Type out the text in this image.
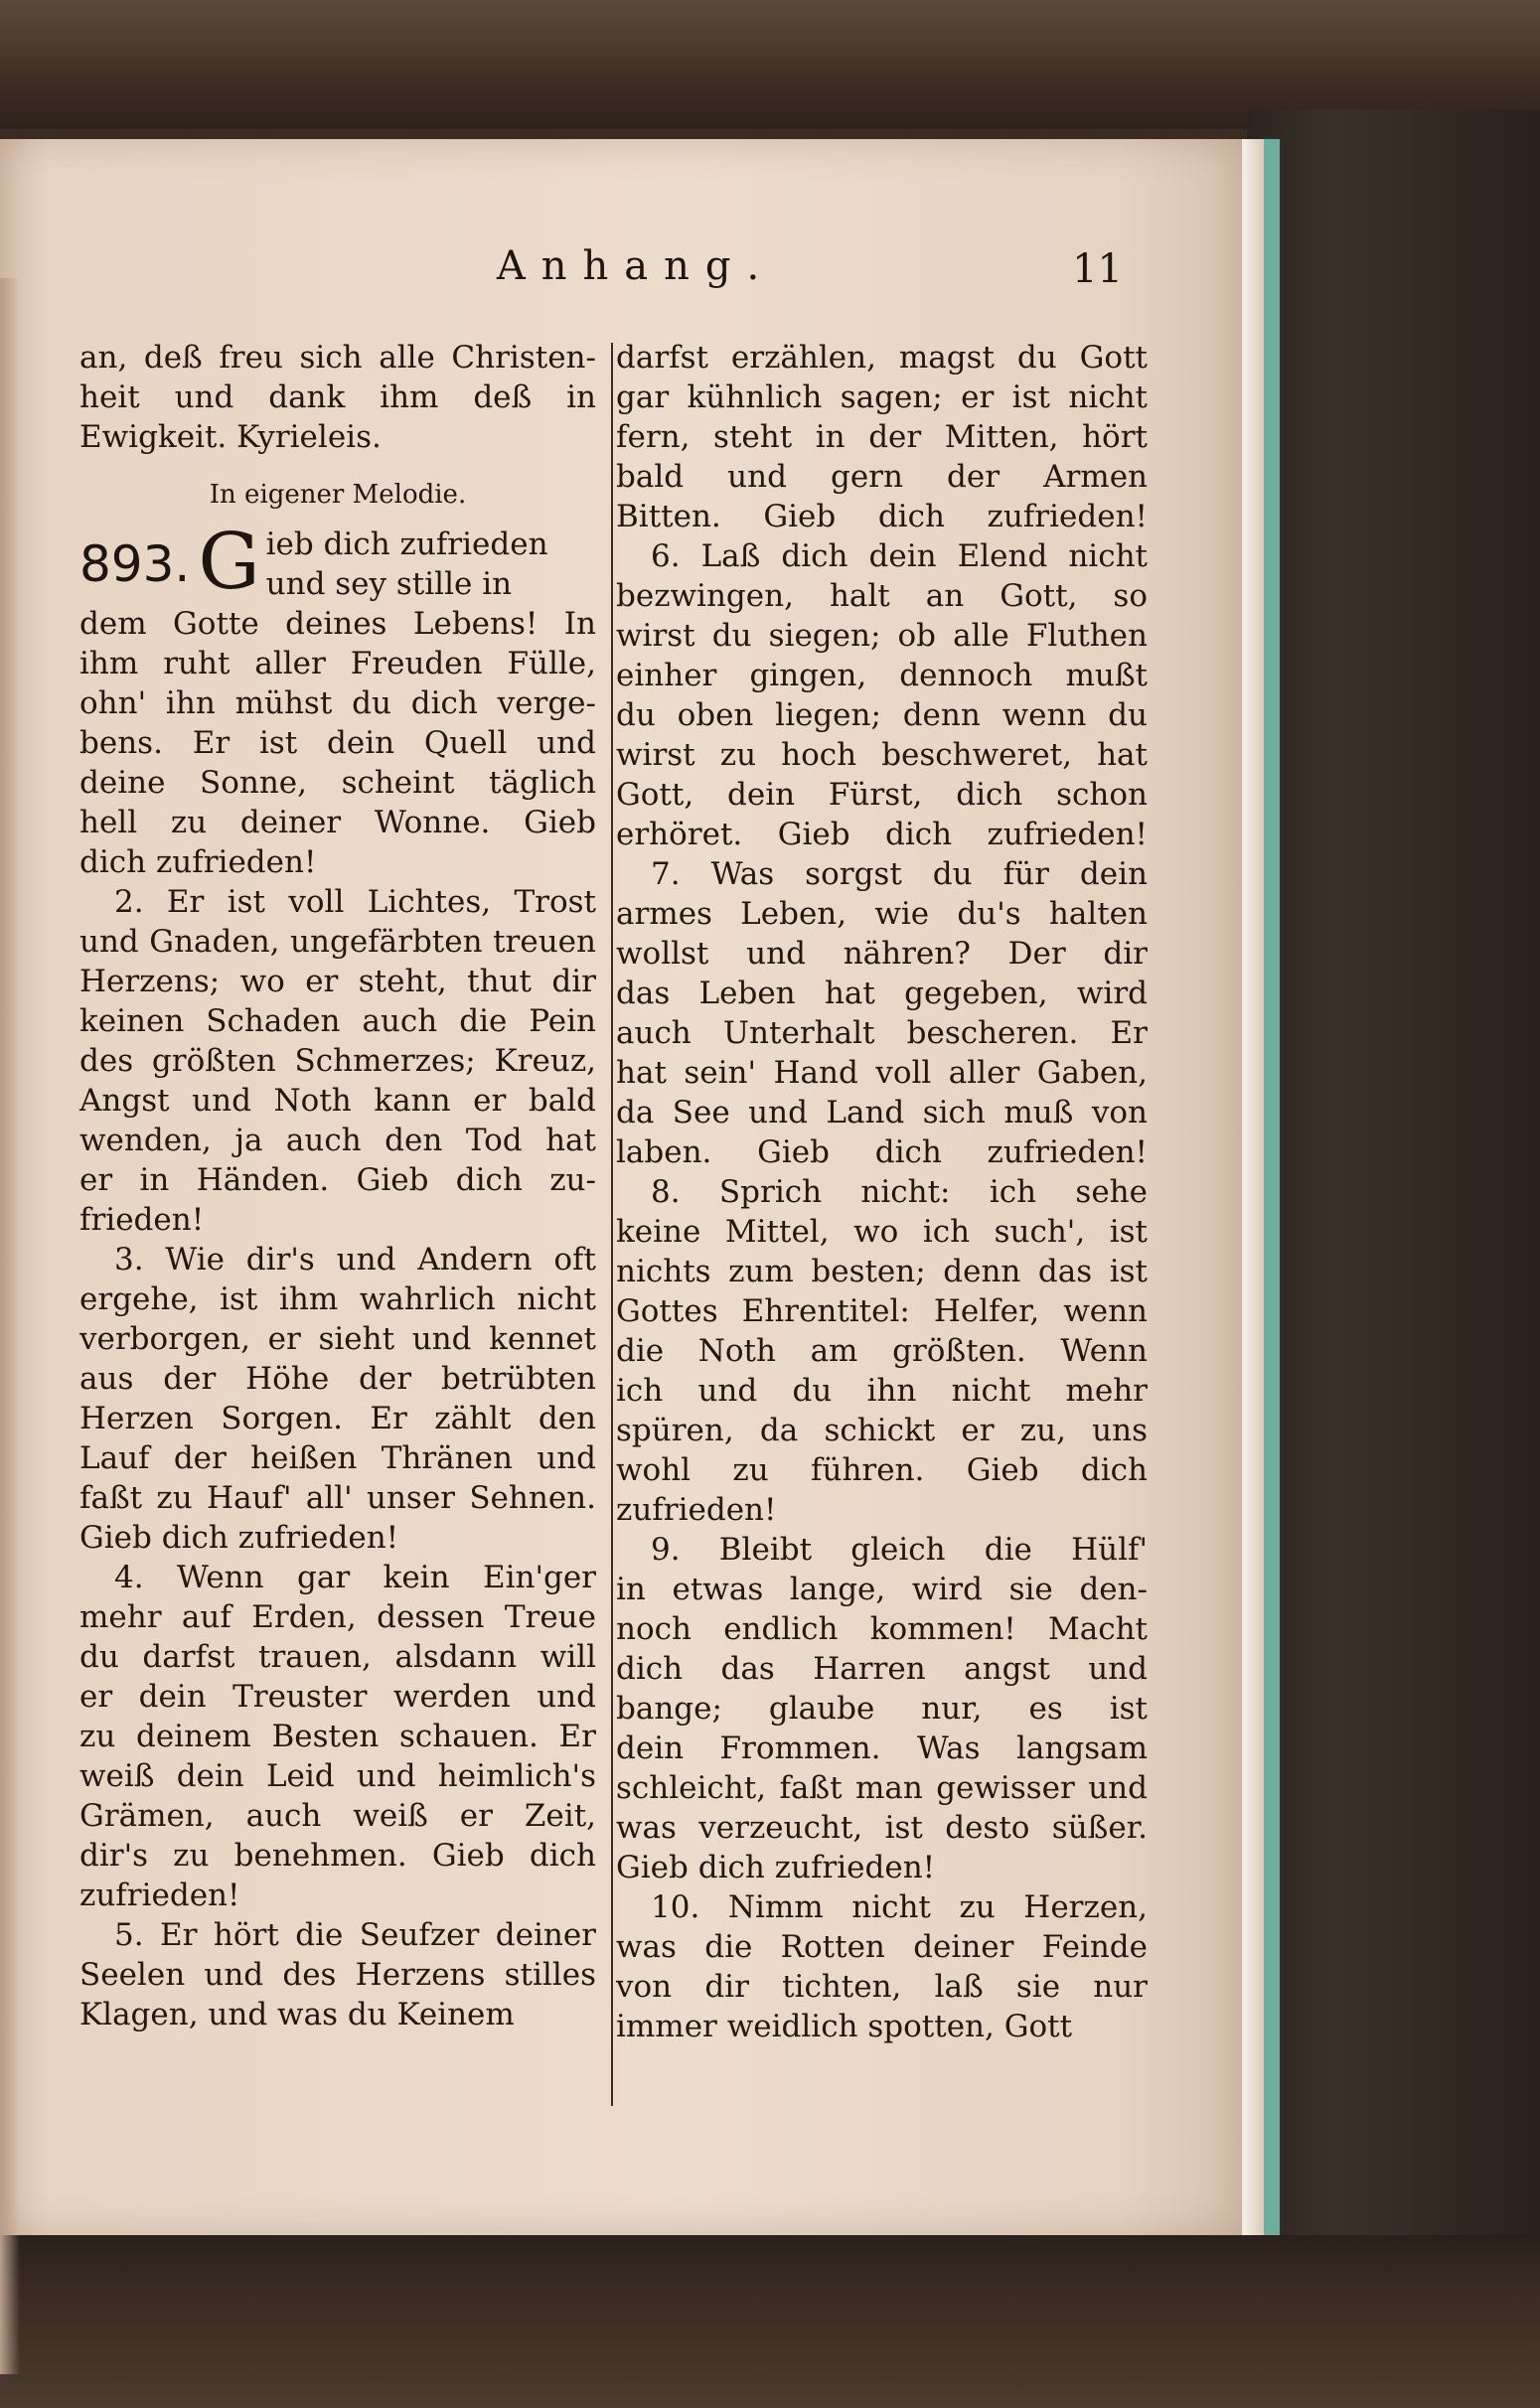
Anhang.	11
an, deß freu sich alle Christen-
heit und dank ihm deß in
Ewigkeit. Kyrieleis.
In eigener Melodie.
893. G ieb dich zufrieden
und sey stille in
dem Gotte deines Lebens! In
ihm ruht aller Freuden Fülle,
ohn' ihn mühst du dich verge-
bens. Er ist dein Quell und
deine Sonne, scheint täglich
hell zu deiner Wonne. Gieb
dich zufrieden!
2. Er ist voll Lichtes, Trost
und Gnaden, ungefärbten treuen
Herzens; wo er steht, thut dir
keinen Schaden auch die Pein
des größten Schmerzes; Kreuz,
Angst und Noth kann er bald
wenden, ja auch den Tod hat
er in Händen. Gieb dich zu-
frieden!
3. Wie dir's und Andern oft
ergehe, ist ihm wahrlich nicht
verborgen, er sieht und kennet
aus der Höhe der betrübten
Herzen Sorgen. Er zählt den
Lauf der heißen Thränen und
faßt zu Hauf' all' unser Sehnen.
Gieb dich zufrieden!
4. Wenn gar kein Ein'ger
mehr auf Erden, dessen Treue
du darfst trauen, alsdann will
er dein Treuster werden und
zu deinem Besten schauen. Er
weiß dein Leid und heimlich's
Grämen, auch weiß er Zeit,
dir's zu benehmen. Gieb dich
zufrieden!
5. Er hört die Seufzer deiner
Seelen und des Herzens stilles
Klagen, und was du Keinem
darfst erzählen, magst du Gott
gar kühnlich sagen; er ist nicht
fern, steht in der Mitten, hört
bald und gern der Armen
Bitten. Gieb dich zufrieden!
6. Laß dich dein Elend nicht
bezwingen, halt an Gott, so
wirst du siegen; ob alle Fluthen
einher gingen, dennoch mußt
du oben liegen; denn wenn du
wirst zu hoch beschweret, hat
Gott, dein Fürst, dich schon
erhöret. Gieb dich zufrieden!
7. Was sorgst du für dein
armes Leben, wie du's halten
wollst und nähren? Der dir
das Leben hat gegeben, wird
auch Unterhalt bescheren. Er
hat sein' Hand voll aller Gaben,
da See und Land sich muß von
laben. Gieb dich zufrieden!
8. Sprich nicht: ich sehe
keine Mittel, wo ich such', ist
nichts zum besten; denn das ist
Gottes Ehrentitel: Helfer, wenn
die Noth am größten. Wenn
ich und du ihn nicht mehr
spüren, da schickt er zu, uns
wohl zu führen. Gieb dich
zufrieden!
9. Bleibt gleich die Hülf'
in etwas lange, wird sie den-
noch endlich kommen! Macht
dich das Harren angst und
bange; glaube nur, es ist
dein Frommen. Was langsam
schleicht, faßt man gewisser und
was verzeucht, ist desto süßer.
Gieb dich zufrieden!
10. Nimm nicht zu Herzen,
was die Rotten deiner Feinde
von dir tichten, laß sie nur
immer weidlich spotten, Gott
